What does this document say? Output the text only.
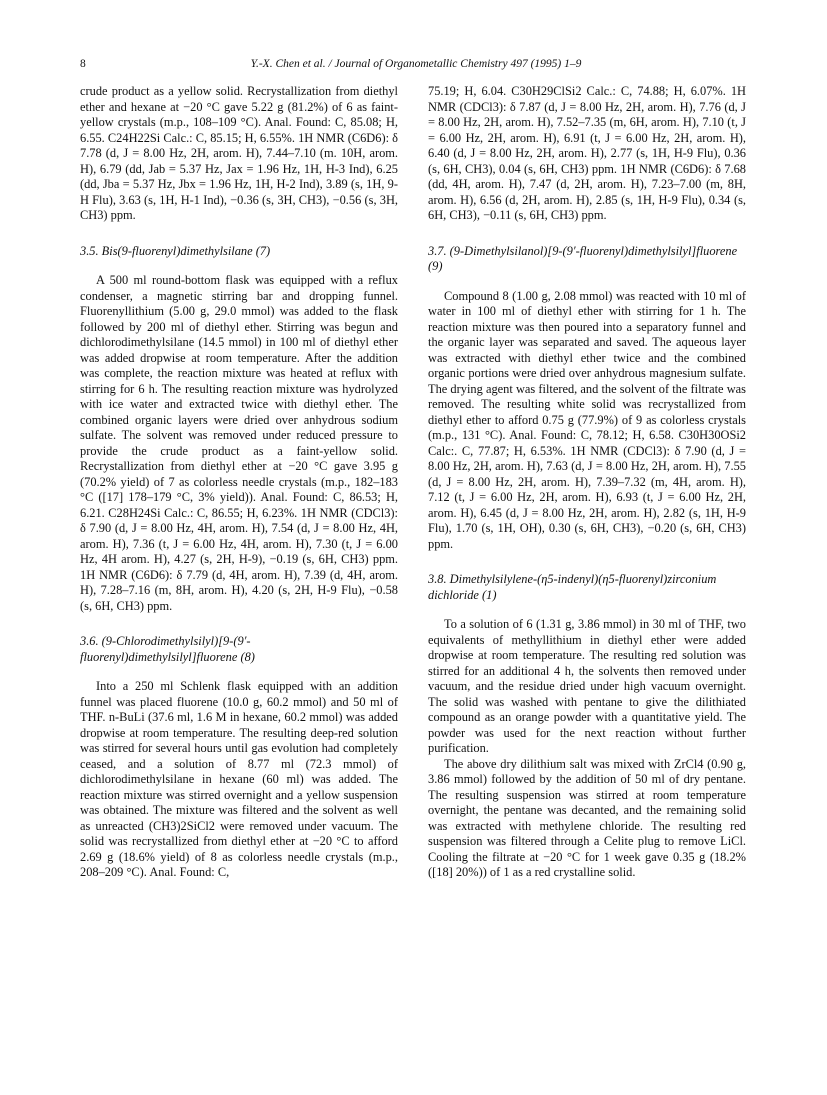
8	Y.-X. Chen et al. / Journal of Organometallic Chemistry 497 (1995) 1–9

crude product as a yellow solid. Recrystallization from diethyl ether and hexane at −20 °C gave 5.22 g (81.2%) of 6 as faint-yellow crystals (m.p., 108–109 °C). Anal. Found: C, 85.08; H, 6.55. C24H22Si Calc.: C, 85.15; H, 6.55%. 1H NMR (C6D6): δ 7.78 (d, J = 8.00 Hz, 2H, arom. H), 7.44–7.10 (m. 10H, arom. H), 6.79 (dd, Jab = 5.37 Hz, Jax = 1.96 Hz, 1H, H-3 Ind), 6.25 (dd, Jba = 5.37 Hz, Jbx = 1.96 Hz, 1H, H-2 Ind), 3.89 (s, 1H, 9-H Flu), 3.63 (s, 1H, H-1 Ind), −0.36 (s, 3H, CH3), −0.56 (s, 3H, CH3) ppm.

3.5. Bis(9-fluorenyl)dimethylsilane (7)

A 500 ml round-bottom flask was equipped with a reflux condenser, a magnetic stirring bar and dropping funnel. Fluorenyllithium (5.00 g, 29.0 mmol) was added to the flask followed by 200 ml of diethyl ether. Stirring was begun and dichlorodimethylsilane (14.5 mmol) in 100 ml of diethyl ether was added dropwise at room temperature. After the addition was complete, the reaction mixture was heated at reflux with stirring for 6 h. The resulting reaction mixture was hydrolyzed with ice water and extracted twice with diethyl ether. The combined organic layers were dried over anhydrous sodium sulfate. The solvent was removed under reduced pressure to provide the crude product as a faint-yellow solid. Recrystallization from diethyl ether at −20 °C gave 3.95 g (70.2% yield) of 7 as colorless needle crystals (m.p., 182–183 °C ([17] 178–179 °C, 3% yield)). Anal. Found: C, 86.53; H, 6.21. C28H24Si Calc.: C, 86.55; H, 6.23%. 1H NMR (CDCl3): δ 7.90 (d, J = 8.00 Hz, 4H, arom. H), 7.54 (d, J = 8.00 Hz, 4H, arom. H), 7.36 (t, J = 6.00 Hz, 4H, arom. H), 7.30 (t, J = 6.00 Hz, 4H arom. H), 4.27 (s, 2H, H-9), −0.19 (s, 6H, CH3) ppm. 1H NMR (C6D6): δ 7.79 (d, 4H, arom. H), 7.39 (d, 4H, arom. H), 7.28–7.16 (m, 8H, arom. H), 4.20 (s, 2H, H-9 Flu), −0.58 (s, 6H, CH3) ppm.

3.6. (9-Chlorodimethylsilyl)[9-(9′-fluorenyl)dimethylsilyl]fluorene (8)

Into a 250 ml Schlenk flask equipped with an addition funnel was placed fluorene (10.0 g, 60.2 mmol) and 50 ml of THF. n-BuLi (37.6 ml, 1.6 M in hexane, 60.2 mmol) was added dropwise at room temperature. The resulting deep-red solution was stirred for several hours until gas evolution had completely ceased, and a solution of 8.77 ml (72.3 mmol) of dichlorodimethylsilane in hexane (60 ml) was added. The reaction mixture was stirred overnight and a yellow suspension was obtained. The mixture was filtered and the solvent as well as unreacted (CH3)2SiCl2 were removed under vacuum. The solid was recrystallized from diethyl ether at −20 °C to afford 2.69 g (18.6% yield) of 8 as colorless needle crystals (m.p., 208–209 °C). Anal. Found: C,

75.19; H, 6.04. C30H29ClSi2 Calc.: C, 74.88; H, 6.07%. 1H NMR (CDCl3): δ 7.87 (d, J = 8.00 Hz, 2H, arom. H), 7.76 (d, J = 8.00 Hz, 2H, arom. H), 7.52–7.35 (m, 6H, arom. H), 7.10 (t, J = 6.00 Hz, 2H, arom. H), 6.91 (t, J = 6.00 Hz, 2H, arom. H), 6.40 (d, J = 8.00 Hz, 2H, arom. H), 2.77 (s, 1H, H-9 Flu), 0.36 (s, 6H, CH3), 0.04 (s, 6H, CH3) ppm. 1H NMR (C6D6): δ 7.68 (dd, 4H, arom. H), 7.47 (d, 2H, arom. H), 7.23–7.00 (m, 8H, arom. H), 6.56 (d, 2H, arom. H), 2.85 (s, 1H, H-9 Flu), 0.34 (s, 6H, CH3), −0.11 (s, 6H, CH3) ppm.

3.7. (9-Dimethylsilanol)[9-(9′-fluorenyl)dimethylsilyl]fluorene (9)

Compound 8 (1.00 g, 2.08 mmol) was reacted with 10 ml of water in 100 ml of diethyl ether with stirring for 1 h. The reaction mixture was then poured into a separatory funnel and the organic layer was separated and saved. The aqueous layer was extracted with diethyl ether twice and the combined organic portions were dried over anhydrous magnesium sulfate. The drying agent was filtered, and the solvent of the filtrate was removed. The resulting white solid was recrystallized from diethyl ether to afford 0.75 g (77.9%) of 9 as colorless crystals (m.p., 131 °C). Anal. Found: C, 78.12; H, 6.58. C30H30OSi2 Calc:. C, 77.87; H, 6.53%. 1H NMR (CDCl3): δ 7.90 (d, J = 8.00 Hz, 2H, arom. H), 7.63 (d, J = 8.00 Hz, 2H, arom. H), 7.55 (d, J = 8.00 Hz, 2H, arom. H), 7.39–7.32 (m, 4H, arom. H), 7.12 (t, J = 6.00 Hz, 2H, arom. H), 6.93 (t, J = 6.00 Hz, 2H, arom. H), 6.45 (d, J = 8.00 Hz, 2H, arom. H), 2.82 (s, 1H, H-9 Flu), 1.70 (s, 1H, OH), 0.30 (s, 6H, CH3), −0.20 (s, 6H, CH3) ppm.

3.8. Dimethylsilylene-(η5-indenyl)(η5-fluorenyl)zirconium dichloride (1)

To a solution of 6 (1.31 g, 3.86 mmol) in 30 ml of THF, two equivalents of methyllithium in diethyl ether were added dropwise at room temperature. The resulting red solution was stirred for an additional 4 h, the solvents then removed under vacuum, and the residue dried under high vacuum overnight. The solid was washed with pentane to give the dilithiated compound as an orange powder with a quantitative yield. The powder was used for the next reaction without further purification.

The above dry dilithium salt was mixed with ZrCl4 (0.90 g, 3.86 mmol) followed by the addition of 50 ml of dry pentane. The resulting suspension was stirred at room temperature overnight, the pentane was decanted, and the remaining solid was extracted with methylene chloride. The resulting red suspension was filtered through a Celite plug to remove LiCl. Cooling the filtrate at −20 °C for 1 week gave 0.35 g (18.2% ([18] 20%)) of 1 as a red crystalline solid.
